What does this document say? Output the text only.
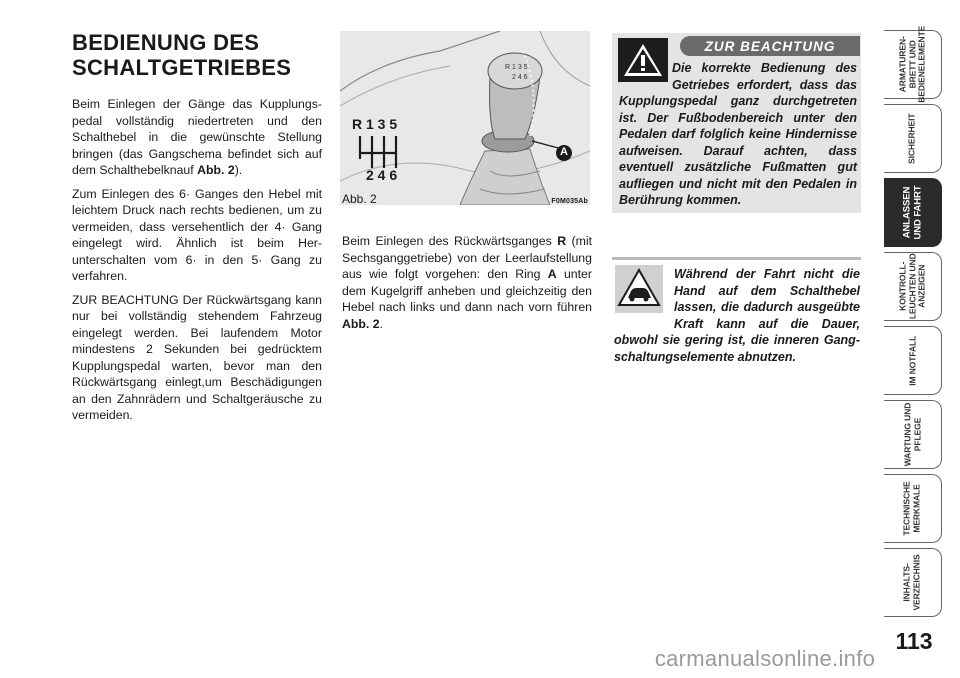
BEDIENUNG DES
SCHALTGETRIEBES

Beim Einlegen der Gänge das Kupplungspedal vollständig niedertreten und den Schalthebel in die gewünschte Stellung bringen (das Gangschema befindet sich auf dem Schalthebelknauf Abb. 2).

Zum Einlegen des 6· Ganges den Hebel mit leichtem Druck nach rechts bedienen, um zu vermeiden, dass versehentlich der 4· Gang eingelegt wird. Ähnlich ist beim Herunterschalten vom 6· in den 5· Gang zu verfahren.

ZUR BEACHTUNG Der Rückwärtsgang kann nur bei vollständig stehendem Fahrzeug eingelegt werden. Bei laufendem Motor mindestens 2 Sekunden bei gedrücktem Kupplungspedal warten, bevor man den Rückwärtsgang einlegt,um Beschädigungen an den Zahnrädern und Schaltgeräusche zu vermeiden.

R 1 3 5
2 4 6
R 1 3 5
2 4 6
A
Abb. 2	F0M035Ab

Beim Einlegen des Rückwärtsganges R (mit Sechsganggetriebe) von der Leerlaufstellung aus wie folgt vorgehen: den Ring A unter dem Kugelgriff anheben und gleichzeitig den Hebel nach links und dann nach vorn führen Abb. 2.

ZUR BEACHTUNG
Die korrekte Bedienung des Getriebes erfordert, dass das Kupplungspedal ganz durchgetreten ist. Der Fußbodenbereich unter den Pedalen darf folglich keine Hindernisse aufweisen. Darauf achten, dass eventuell zusätzliche Fußmatten gut aufliegen und nicht mit den Pedalen in Berührung kommen.
Während der Fahrt nicht die Hand auf dem Schalthebel lassen, die dadurch ausgeübte Kraft kann auf die Dauer, obwohl sie gering ist, die inneren Gangschaltungselemente abnutzen.
ARMATUREN-
BRETT UND
BEDIENELEMENTE
SICHERHEIT
ANLASSEN
UND FAHRT
KONTROLL-
LEUCHTEN UND
ANZEIGEN
IM NOTFALL
WARTUNG UND
PFLEGE
TECHNISCHE
MERKMALE
INHALTS-
VERZEICHNIS
113
carmanualsonline.info
